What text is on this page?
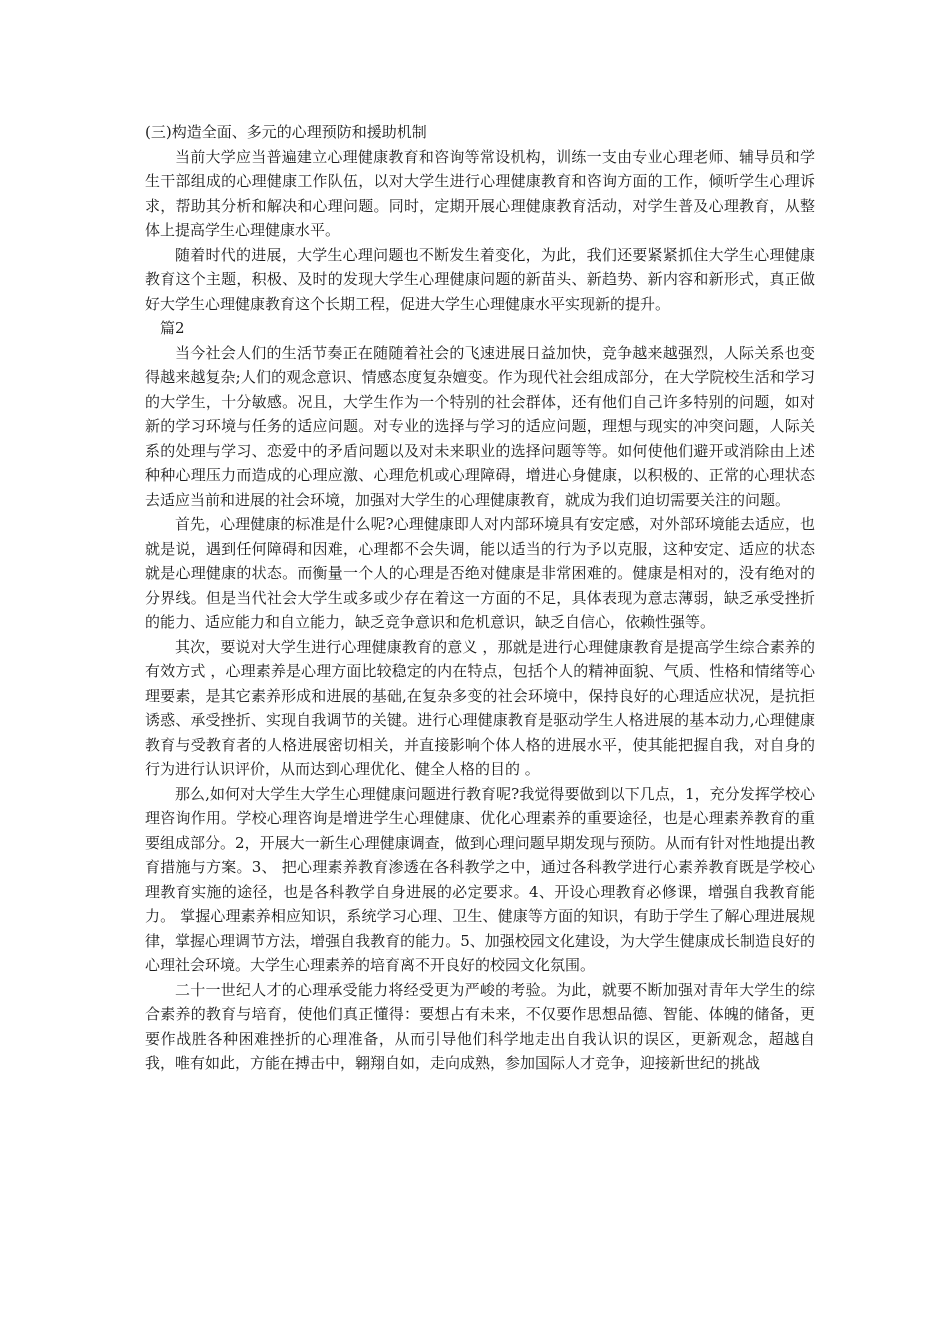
(三)构造全面、多元的心理预防和援助机制

当前大学应当普遍建立心理健康教育和咨询等常设机构，训练一支由专业心理老师、辅导员和学生干部组成的心理健康工作队伍，以对大学生进行心理健康教育和咨询方面的工作，倾听学生心理诉求，帮助其分析和解决和心理问题。同时，定期开展心理健康教育活动，对学生普及心理教育，从整体上提高学生心理健康水平。

随着时代的进展，大学生心理问题也不断发生着变化，为此，我们还要紧紧抓住大学生心理健康教育这个主题，积极、及时的发现大学生心理健康问题的新苗头、新趋势、新内容和新形式，真正做好大学生心理健康教育这个长期工程，促进大学生心理健康水平实现新的提升。

篇2

当今社会人们的生活节奏正在随随着社会的飞速进展日益加快，竞争越来越强烈，人际关系也变得越来越复杂;人们的观念意识、情感态度复杂嬗变。作为现代社会组成部分，在大学院校生活和学习的大学生，十分敏感。况且，大学生作为一个特别的社会群体，还有他们自己许多特别的问题，如对新的学习环境与任务的适应问题。对专业的选择与学习的适应问题，理想与现实的冲突问题，人际关系的处理与学习、恋爱中的矛盾问题以及对未来职业的选择问题等等。如何使他们避开或消除由上述种种心理压力而造成的心理应激、心理危机或心理障碍，增进心身健康，以积极的、正常的心理状态去适应当前和进展的社会环境，加强对大学生的心理健康教育，就成为我们迫切需要关注的问题。

首先，心理健康的标准是什么呢?心理健康即人对内部环境具有安定感，对外部环境能去适应，也就是说，遇到任何障碍和因难，心理都不会失调，能以适当的行为予以克服，这种安定、适应的状态就是心理健康的状态。而衡量一个人的心理是否绝对健康是非常困难的。健康是相对的，没有绝对的分界线。但是当代社会大学生或多或少存在着这一方面的不足，具体表现为意志薄弱，缺乏承受挫折的能力、适应能力和自立能力，缺乏竞争意识和危机意识，缺乏自信心，依赖性强等。

其次，要说对大学生进行心理健康教育的意义 ，那就是进行心理健康教育是提高学生综合素养的有效方式 ，心理素养是心理方面比较稳定的内在特点，包括个人的精神面貌、气质、性格和情绪等心理要素，是其它素养形成和进展的基础,在复杂多变的社会环境中，保持良好的心理适应状况，是抗拒诱惑、承受挫折、实现自我调节的关键。进行心理健康教育是驱动学生人格进展的基本动力,心理健康教育与受教育者的人格进展密切相关，并直接影响个体人格的进展水平，使其能把握自我，对自身的行为进行认识评价，从而达到心理优化、健全人格的目的 。

那么,如何对大学生大学生心理健康问题进行教育呢?我觉得要做到以下几点，1，充分发挥学校心理咨询作用。学校心理咨询是增进学生心理健康、优化心理素养的重要途径，也是心理素养教育的重要组成部分。2，开展大一新生心理健康调查，做到心理问题早期发现与预防。从而有针对性地提出教育措施与方案。3、 把心理素养教育渗透在各科教学之中，通过各科教学进行心素养教育既是学校心理教育实施的途径，也是各科教学自身进展的必定要求。4、开设心理教育必修课，增强自我教育能力。 掌握心理素养相应知识，系统学习心理、卫生、健康等方面的知识，有助于学生了解心理进展规律，掌握心理调节方法，增强自我教育的能力。5、加强校园文化建设，为大学生健康成长制造良好的心理社会环境。大学生心理素养的培育离不开良好的校园文化氛围。

二十一世纪人才的心理承受能力将经受更为严峻的考验。为此，就要不断加强对青年大学生的综合素养的教育与培育，使他们真正懂得：要想占有未来，不仅要作思想品德、智能、体魄的储备，更要作战胜各种困难挫折的心理准备，从而引导他们科学地走出自我认识的误区，更新观念，超越自我，唯有如此，方能在搏击中，翱翔自如，走向成熟，参加国际人才竞争，迎接新世纪的挑战
